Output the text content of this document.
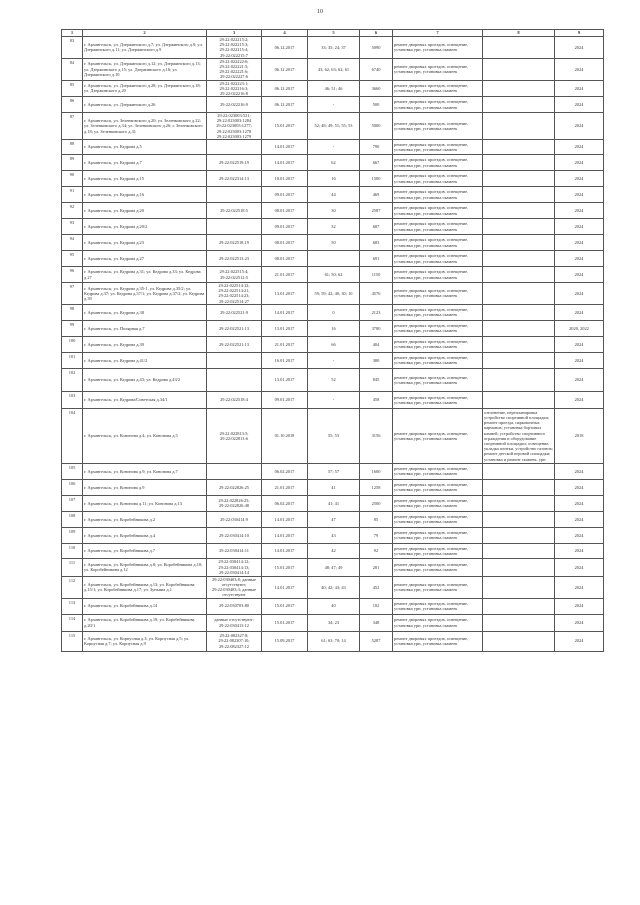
10
1	2	3	4	5	6	7	8	9
83	г. Архангельск, ул. Дзержинского д.7; ул. Дзержинского д.9; ул. Дзержинского д.11; ул. Дзержинского д.9	29:22:022215:2; 29:22:022215:3; 29:22:022215:4; 29:22:022215:7	06.12.2017	33; 35; 24; 37	5090	ремонт дворовых проездов, освещение, установка урн, установка скамеек		2024
84	г. Архангельск, ул. Дзержинского д.12; ул. Дзержинского д.13; ул. Дзержинского д.15; ул. Дзержинского д.16; ул. Дзержинского д.10	29:22:022222:6; 29:22:022221:5; 29:22:022221:6; 29:22:022227:6	06.12.2017	43; 62; 63; 62; 61	6740	ремонт дворовых проездов, освещение, установка урн, установка скамеек		2024
85	г. Архангельск, ул. Дзержинского д.28; ул. Дзержинского д.18; ул. Дзержинского д.20	29:22:022223:1; 29:22:022216:3; 29:22:022216:8	06.12.2017	46; 51; 46	3660	ремонт дворовых проездов, освещение, установка урн, установка скамеек		2024
86	г. Архангельск, ул. Дзержинского д.26	29:22:022216:9	06.12.2017	-	500	ремонт дворовых проездов, освещение, установка урн, установка скамеек		2024
87	г. Архангельск, ул. Зеленковского д.20; ул. Зеленковского д.22; ул. Зеленковского д.34; ул. Зеленковского д.26; г. Зеленковского д.18; ул. Зеленковского д.31	29:22:023003:521; 29:22:023003:1284 29:22:023003:1277; 29:22:023003:1278 29:22:023003:1279	15.01.2017	52; 48; 49; 51; 55; 53	5000	ремонт дворовых проездов, освещение, установка урн, установка скамеек		2024
88	г. Архангельск, ул. Кедрова д.5		14.01.2017	-	790	ремонт дворовых проездов, освещение, установка урн, установка скамеек		2024
89	г. Архангельск, ул. Кедрова д.7	29:22:022519:19	14.01.2017	62	667	ремонт дворовых проездов, освещение, установка урн, установка скамеек		2024
90	г. Архангельск, ул. Кедрова д.15	29:22:022314:13	10.01.2017	16	1500	ремонт дворовых проездов, освещение, установка урн, установка скамеек		2024
91	г. Архангельск, ул. Кедрова д.16		09.01.2017	44	469	ремонт дворовых проездов, освещение, установка урн, установка скамеек		2024
92	г. Архангельск, ул. Кедрова д.20	29:22:022518:5	08.01.2017	30	2587	ремонт дворовых проездов, освещение, установка урн, установка скамеек		2024
93	г. Архангельск, ул. Кедрова д.20/2		09.01.2017	32	687	ремонт дворовых проездов, освещение, установка урн, установка скамеек		2024
94	г. Архангельск, ул. Кедрова д.23	29:22:022518:19	08.01.2017	50	683	ремонт дворовых проездов, освещение, установка урн, установка скамеек		2024
95	г. Архангельск, ул. Кедрова д.27	29:22:022513:23	08.01.2017		691	ремонт дворовых проездов, освещение, установка урн, установка скамеек		2024
96	г. Архангельск, ул. Кедрова д.31; ул. Кедрова д.33; ул. Кедрова д.27	29:22:022515:4; 29:22:022512:5	21.01.2017	61; 50; 62	1150	ремонт дворовых проездов, освещение, установка урн, установка скамеек		2024
97	г. Архангельск, ул. Кедрова д.35-1, ул. Кедрова д.35/2; ул. Кедрова д.37; ул. Кедрова д.37/1; ул. Кедрова д.37/2; ул. Кедрова д.39	29:22:022514:12; 29:22:022514:21; 29:22:022514:23; 29:22:022514:27	13.01.2017	59; 59; 42; 40; 30; 10	4576	ремонт дворовых проездов, освещение, установка урн, установка скамеек		2024
98	г. Архангельск, ул. Кедрова д.38	29:22:022521:9	14.01.2017	0	2123	ремонт дворовых проездов, освещение, установка урн, установка скамеек		2024
99	г. Архангельск, ул. Полярная д.7	29:22:022521:13	13.01.2017	16	3780	ремонт дворовых проездов, освещение, установка урн, установка скамеек		2020, 2022
100	г. Архангельск, ул. Кедрова д.39	29:22:022521:13	21.01.2017	66	404	ремонт дворовых проездов, освещение, установка урн, установка скамеек		2024
101	г. Архангельск, ул. Кедрова д.41/2		16.01.2017	-	380	ремонт дворовых проездов, освещение, установка урн, установка скамеек		2024
102	г. Архангельск, ул. Кедрова д.43; ул. Кедрова д.43/2		13.01.2017	52	845	ремонт дворовых проездов, освещение, установка урн, установка скамеек		2024
103	г. Архангельск, ул. Кедрова/Советская д.34/1	29:22:022518:4	09.01.2017	-	458	ремонт дворовых проездов, освещение, установка урн, установка скамеек		2024
104	г. Архангельск, ул. Кононова д.4; ул. Кононова д.5	29:22:022813:5; 29:22:022813:6	01.10.2018	55; 53	3156	ремонт дворовых проездов, освещение, установка урн, установка скамеек	озеленение, перепланировка устройство спортивной площадки; ремонт проезда, парковочных карманов; установка бортовых камней; устройство спортивного ограждения и оборудование спортивной площадки; освещение, укладка плитки, устройство газонов; ремонт детской игровой площадки; установка и ремонт скамеек, урн	2018
105	г. Архангельск, ул. Кононова д.9; ул. Кононова д.7		06.02.2017	57; 57	1600	ремонт дворовых проездов, освещение, установка урн, установка скамеек		2024
106	г. Архангельск, ул. Кононова д.9	29:22:022826:25	21.01.2017	41	1258	ремонт дворовых проездов, освещение, установка урн, установка скамеек		2024
107	г. Архангельск, ул. Кононова д.11; ул. Кононова д.13	29:22:022826:25; 29:22:022826:48	06.02.2017	41; 41	2500	ремонт дворовых проездов, освещение, установка урн, установка скамеек		2024
108	г. Архангельск, ул. Коробейникова д.2	29:22:030414:9	14.01.2017	47	85	ремонт дворовых проездов, освещение, установка урн, установка скамеек		2024
109	г. Архангельск, ул. Коробейникова д.4	29:22:030414:10	14.01.2017	43	79	ремонт дворовых проездов, освещение, установка урн, установка скамеек		2024
110	г. Архангельск, ул. Коробейникова д.7	29:22:030414:11	14.01.2017	42	92	ремонт дворовых проездов, освещение, установка урн, установка скамеек		2024
111	г. Архангельск, ул. Коробейникова д.8; ул. Коробейникова д.10; ул. Коробейникова д.12	29:22:030414:12; 29:22:030414:13; 29:22:030414:14	15.01.2017	48; 47; 49	281	ремонт дворовых проездов, освещение, установка урн, установка скамеек		2024
112	г. Архангельск, ул. Коробейникова д.13; ул. Коробейникова д.15/1; ул. Коробейникова д.17; ул. Зуньина д.1	29:22:030403:8; данные отсутствуют; 29:22:030403:3; данные отсутствуют	14.01.2017	40; 42; 43; 43	452	ремонт дворовых проездов, освещение, установка урн, установка скамеек		2024
113	г. Архангельск, ул. Коробейникова д.14	29:22:030703:80	15.01.2017	40	102	ремонт дворовых проездов, освещение, установка урн, установка скамеек		2024
114	г. Архангельск, ул. Коробейникова д.19; ул. Коробейникова д.20/1	данные отсутствуют; 29:22:030413:12	15.01.2017	34; 23	348	ремонт дворовых проездов, освещение, установка урн, установка скамеек		2024
115	г. Архангельск, ул. Корпусная д.3; ул. Корпусная д.5; ул. Корпусная д.7; ул. Корпусная д.9	29:22:082327:8; 29:22:082307:10; 29:22:082327:12	15.09.2017	61; 63; 70; 14	5287	ремонт дворовых проездов, освещение, установка урн, установка скамеек		2024
